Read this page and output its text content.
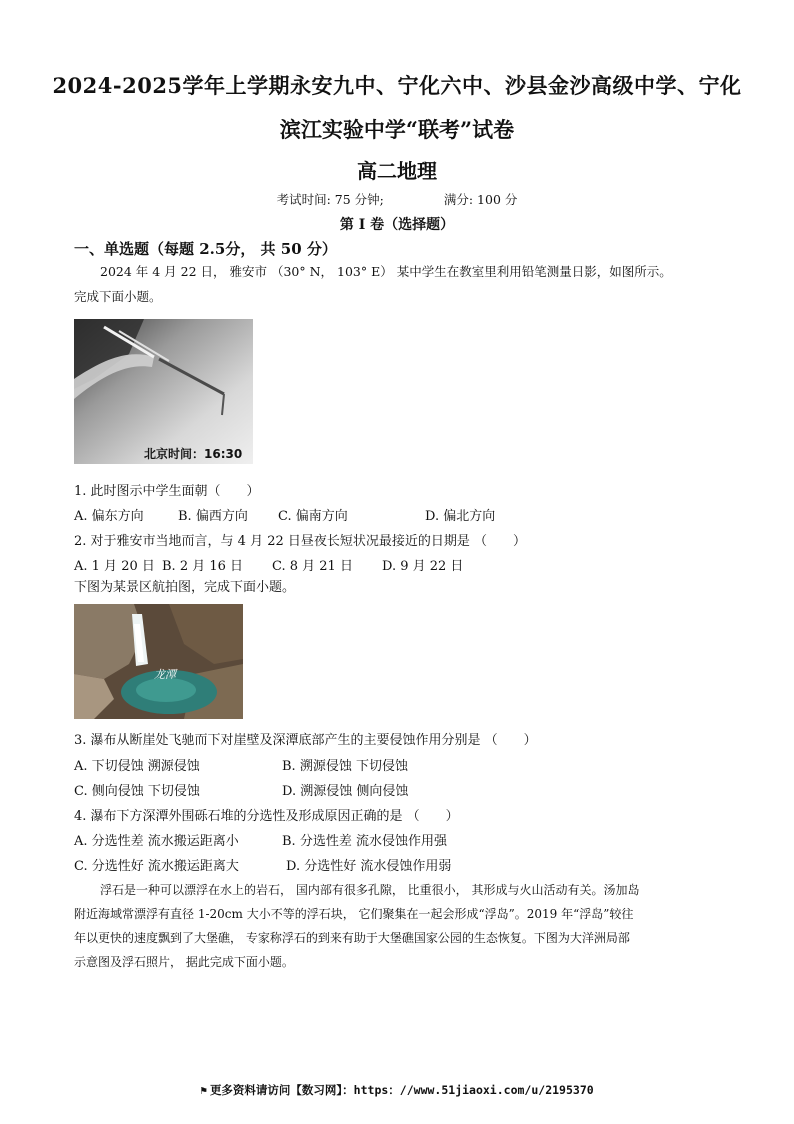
2024-2025学年上学期永安九中、宁化六中、沙县金沙高级中学、宁化
滨江实验中学“联考”试卷
高二地理
考试时间: 75 分钟;	满分: 100 分
第 I 卷（选择题）
一、单选题（每题 2.5分， 共 50 分）
2024 年 4 月 22 日， 雅安市 （30° N， 103° E） 某中学生在教室里利用铅笔测量日影，如图所示。
完成下面小题。
北京时间：16:30
1. 此时图示中学生面朝（　　）
A. 偏东方向	B. 偏西方向 C. 偏南方向	D. 偏北方向
2. 对于雅安市当地而言，与 4 月 22 日昼夜长短状况最接近的日期是 （　　）
A. 1 月 20 日 B. 2 月 16 日 C. 8 月 21 日 D. 9 月 22 日
下图为某景区航拍图，完成下面小题。
龙潭
3. 瀑布从断崖处飞驰而下对崖壁及深潭底部产生的主要侵蚀作用分别是 （　　）
A. 下切侵蚀 溯源侵蚀	B. 溯源侵蚀 下切侵蚀
C. 侧向侵蚀 下切侵蚀	D. 溯源侵蚀 侧向侵蚀
4. 瀑布下方深潭外围砾石堆的分选性及形成原因正确的是 （　　）
A. 分选性差 流水搬运距离小	B. 分选性差 流水侵蚀作用强
C. 分选性好 流水搬运距离大	D. 分选性好 流水侵蚀作用弱
浮石是一种可以漂浮在水上的岩石， 国内部有很多孔隙， 比重很小， 其形成与火山活动有关。汤加岛
附近海域常漂浮有直径 1-20cm 大小不等的浮石块， 它们聚集在一起会形成“浮岛”。2019 年“浮岛”较往
年以更快的速度飘到了大堡礁， 专家称浮石的到来有助于大堡礁国家公园的生态恢复。下图为大洋洲局部
示意图及浮石照片， 据此完成下面小题。
⚑ 更多资料请访问【数习网】：https：//www.51jiaoxi.com/u/2195370
